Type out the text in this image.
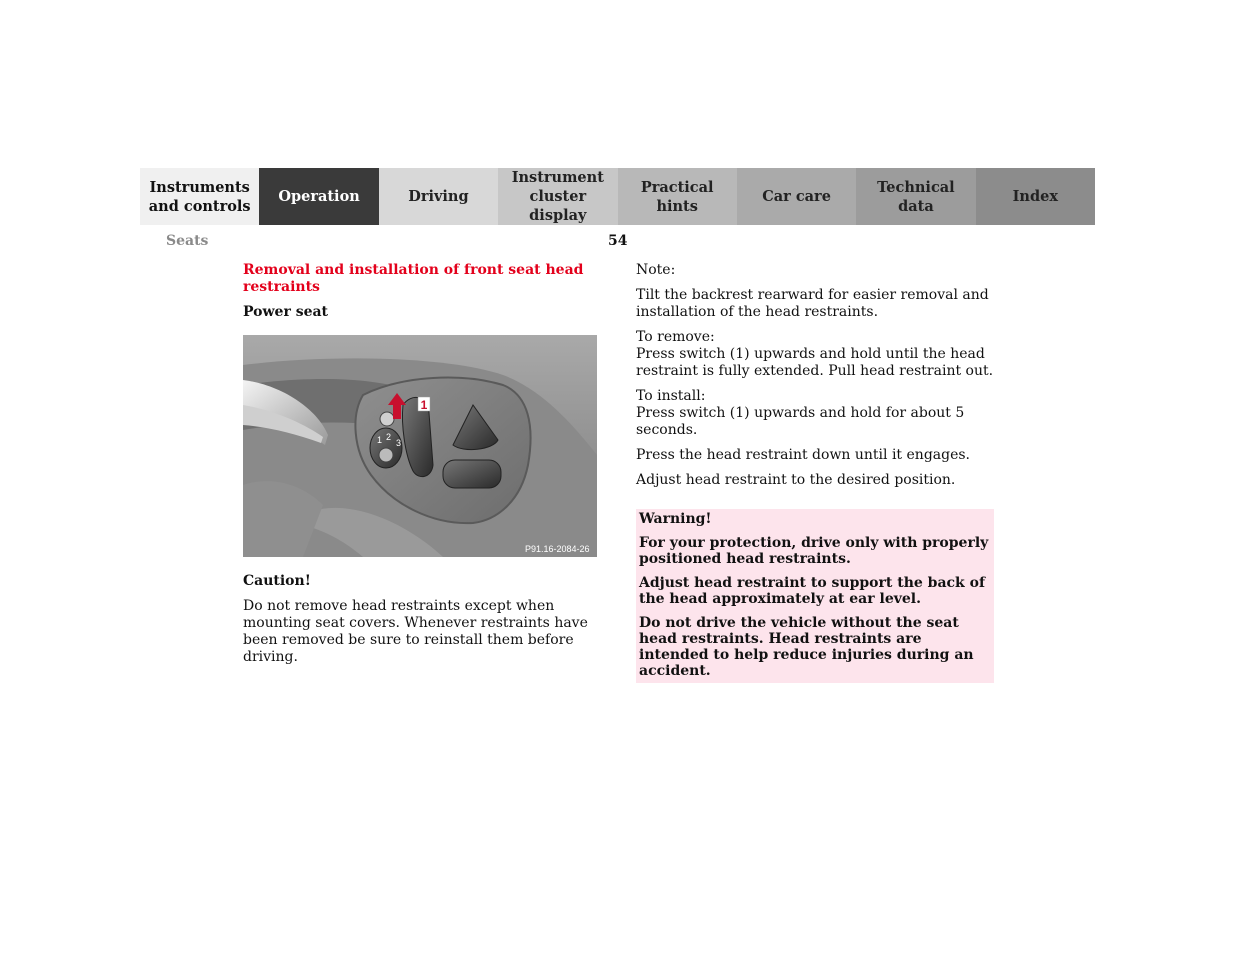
Instruments
and controls
Operation	Driving
Instrument
cluster display
Practical hints
Car care
Technical
data
Index
Seats	54
Removal and installation of front seat head restraints
Power seat
1
1 2
3
P91.16-2084-26
Caution!
Do not remove head restraints except when mounting seat covers. Whenever restraints have been removed be sure to reinstall them before driving.
Note:
Tilt the backrest rearward for easier removal and installation of the head restraints.
To remove:
Press switch (1) upwards and hold until the head restraint is fully extended. Pull head restraint out.
To install:
Press switch (1) upwards and hold for about 5 seconds.
Press the head restraint down until it engages.
Adjust head restraint to the desired position.
Warning!
For your protection, drive only with properly positioned head restraints.
Adjust head restraint to support the back of the head approximately at ear level.
Do not drive the vehicle without the seat head restraints. Head restraints are intended to help reduce injuries during an accident.
